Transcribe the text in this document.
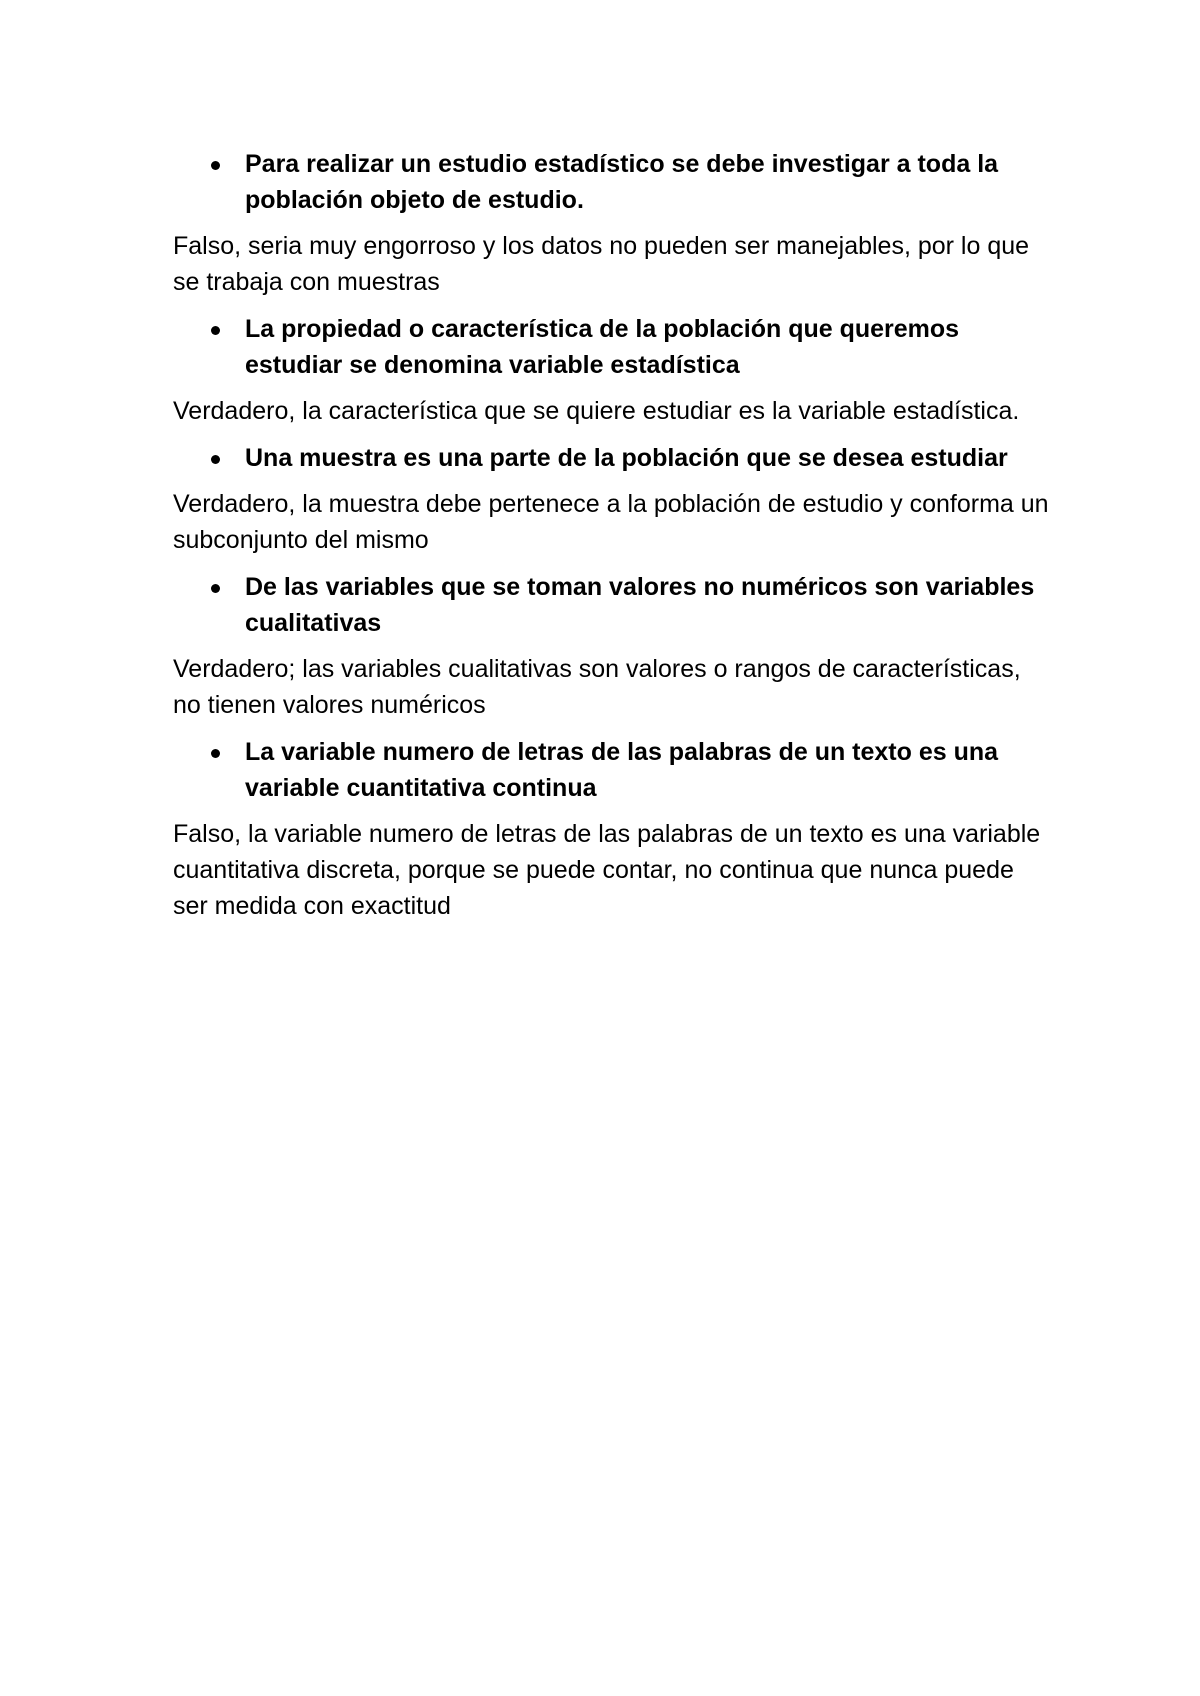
Para realizar un estudio estadístico se debe investigar a toda la población objeto de estudio.

Falso, seria muy engorroso y los datos no pueden ser manejables, por lo que se trabaja con muestras

La propiedad o característica de la población que queremos estudiar se denomina variable estadística

Verdadero, la característica que se quiere estudiar es la variable estadística.

Una muestra es una parte de la población que se desea estudiar

Verdadero, la muestra debe pertenece a la población de estudio y conforma un subconjunto del mismo

De las variables que se toman valores no numéricos son variables cualitativas

Verdadero; las variables cualitativas son valores o rangos de características, no tienen valores numéricos

La variable numero de letras de las palabras de un texto es una variable cuantitativa continua

Falso, la variable numero de letras de las palabras de un texto es una variable cuantitativa discreta, porque se puede contar, no continua que nunca puede ser medida con exactitud
